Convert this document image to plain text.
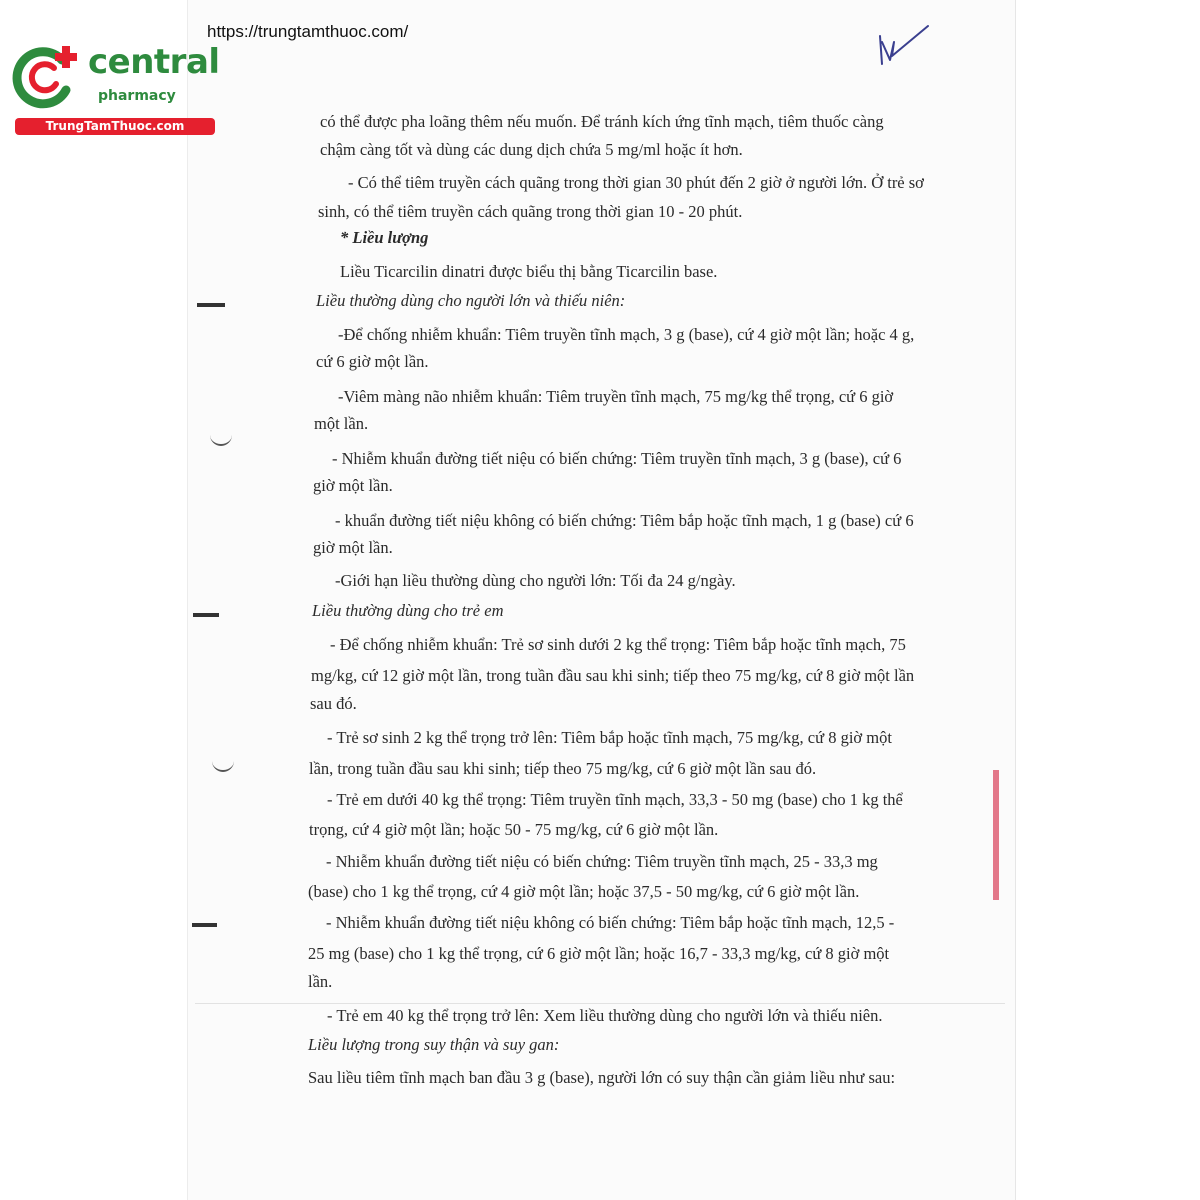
https://trungtamthuoc.com/
central
pharmacy
TrungTamThuoc.com	có thể được pha loãng thêm nếu muốn. Để tránh kích ứng tĩnh mạch, tiêm thuốc càng
chậm càng tốt và dùng các dung dịch chứa 5 mg/ml hoặc ít hơn.
- Có thể tiêm truyền cách quãng trong thời gian 30 phút đến 2 giờ ở người lớn. Ở trẻ sơ
sinh, có thể tiêm truyền cách quãng trong thời gian 10 - 20 phút.
* Liều lượng
Liều Ticarcilin dinatri được biểu thị bằng Ticarcilin base.
Liều thường dùng cho người lớn và thiếu niên:
-Để chống nhiễm khuẩn: Tiêm truyền tĩnh mạch, 3 g (base), cứ 4 giờ một lần; hoặc 4 g,
cứ 6 giờ một lần.
-Viêm màng não nhiễm khuẩn: Tiêm truyền tĩnh mạch, 75 mg/kg thể trọng, cứ 6 giờ
một lần.
- Nhiễm khuẩn đường tiết niệu có biến chứng: Tiêm truyền tĩnh mạch, 3 g (base), cứ 6
giờ một lần.
- khuẩn đường tiết niệu không có biến chứng: Tiêm bắp hoặc tĩnh mạch, 1 g (base) cứ 6
giờ một lần.
-Giới hạn liều thường dùng cho người lớn: Tối đa 24 g/ngày.
Liều thường dùng cho trẻ em
- Để chống nhiễm khuẩn: Trẻ sơ sinh dưới 2 kg thể trọng: Tiêm bắp hoặc tĩnh mạch, 75
mg/kg, cứ 12 giờ một lần, trong tuần đầu sau khi sinh; tiếp theo 75 mg/kg, cứ 8 giờ một lần
sau đó.
- Trẻ sơ sinh 2 kg thể trọng trở lên: Tiêm bắp hoặc tĩnh mạch, 75 mg/kg, cứ 8 giờ một
lần, trong tuần đầu sau khi sinh; tiếp theo 75 mg/kg, cứ 6 giờ một lần sau đó.
- Trẻ em dưới 40 kg thể trọng: Tiêm truyền tĩnh mạch, 33,3 - 50 mg (base) cho 1 kg thể
trọng, cứ 4 giờ một lần; hoặc 50 - 75 mg/kg, cứ 6 giờ một lần.
- Nhiễm khuẩn đường tiết niệu có biến chứng: Tiêm truyền tĩnh mạch, 25 - 33,3 mg
(base) cho 1 kg thể trọng, cứ 4 giờ một lần; hoặc 37,5 - 50 mg/kg, cứ 6 giờ một lần.
- Nhiễm khuẩn đường tiết niệu không có biến chứng: Tiêm bắp hoặc tĩnh mạch, 12,5 -
25 mg (base) cho 1 kg thể trọng, cứ 6 giờ một lần; hoặc 16,7 - 33,3 mg/kg, cứ 8 giờ một
lần.
- Trẻ em 40 kg thể trọng trở lên: Xem liều thường dùng cho người lớn và thiếu niên.
Liều lượng trong suy thận và suy gan:
Sau liều tiêm tĩnh mạch ban đầu 3 g (base), người lớn có suy thận cần giảm liều như sau:
